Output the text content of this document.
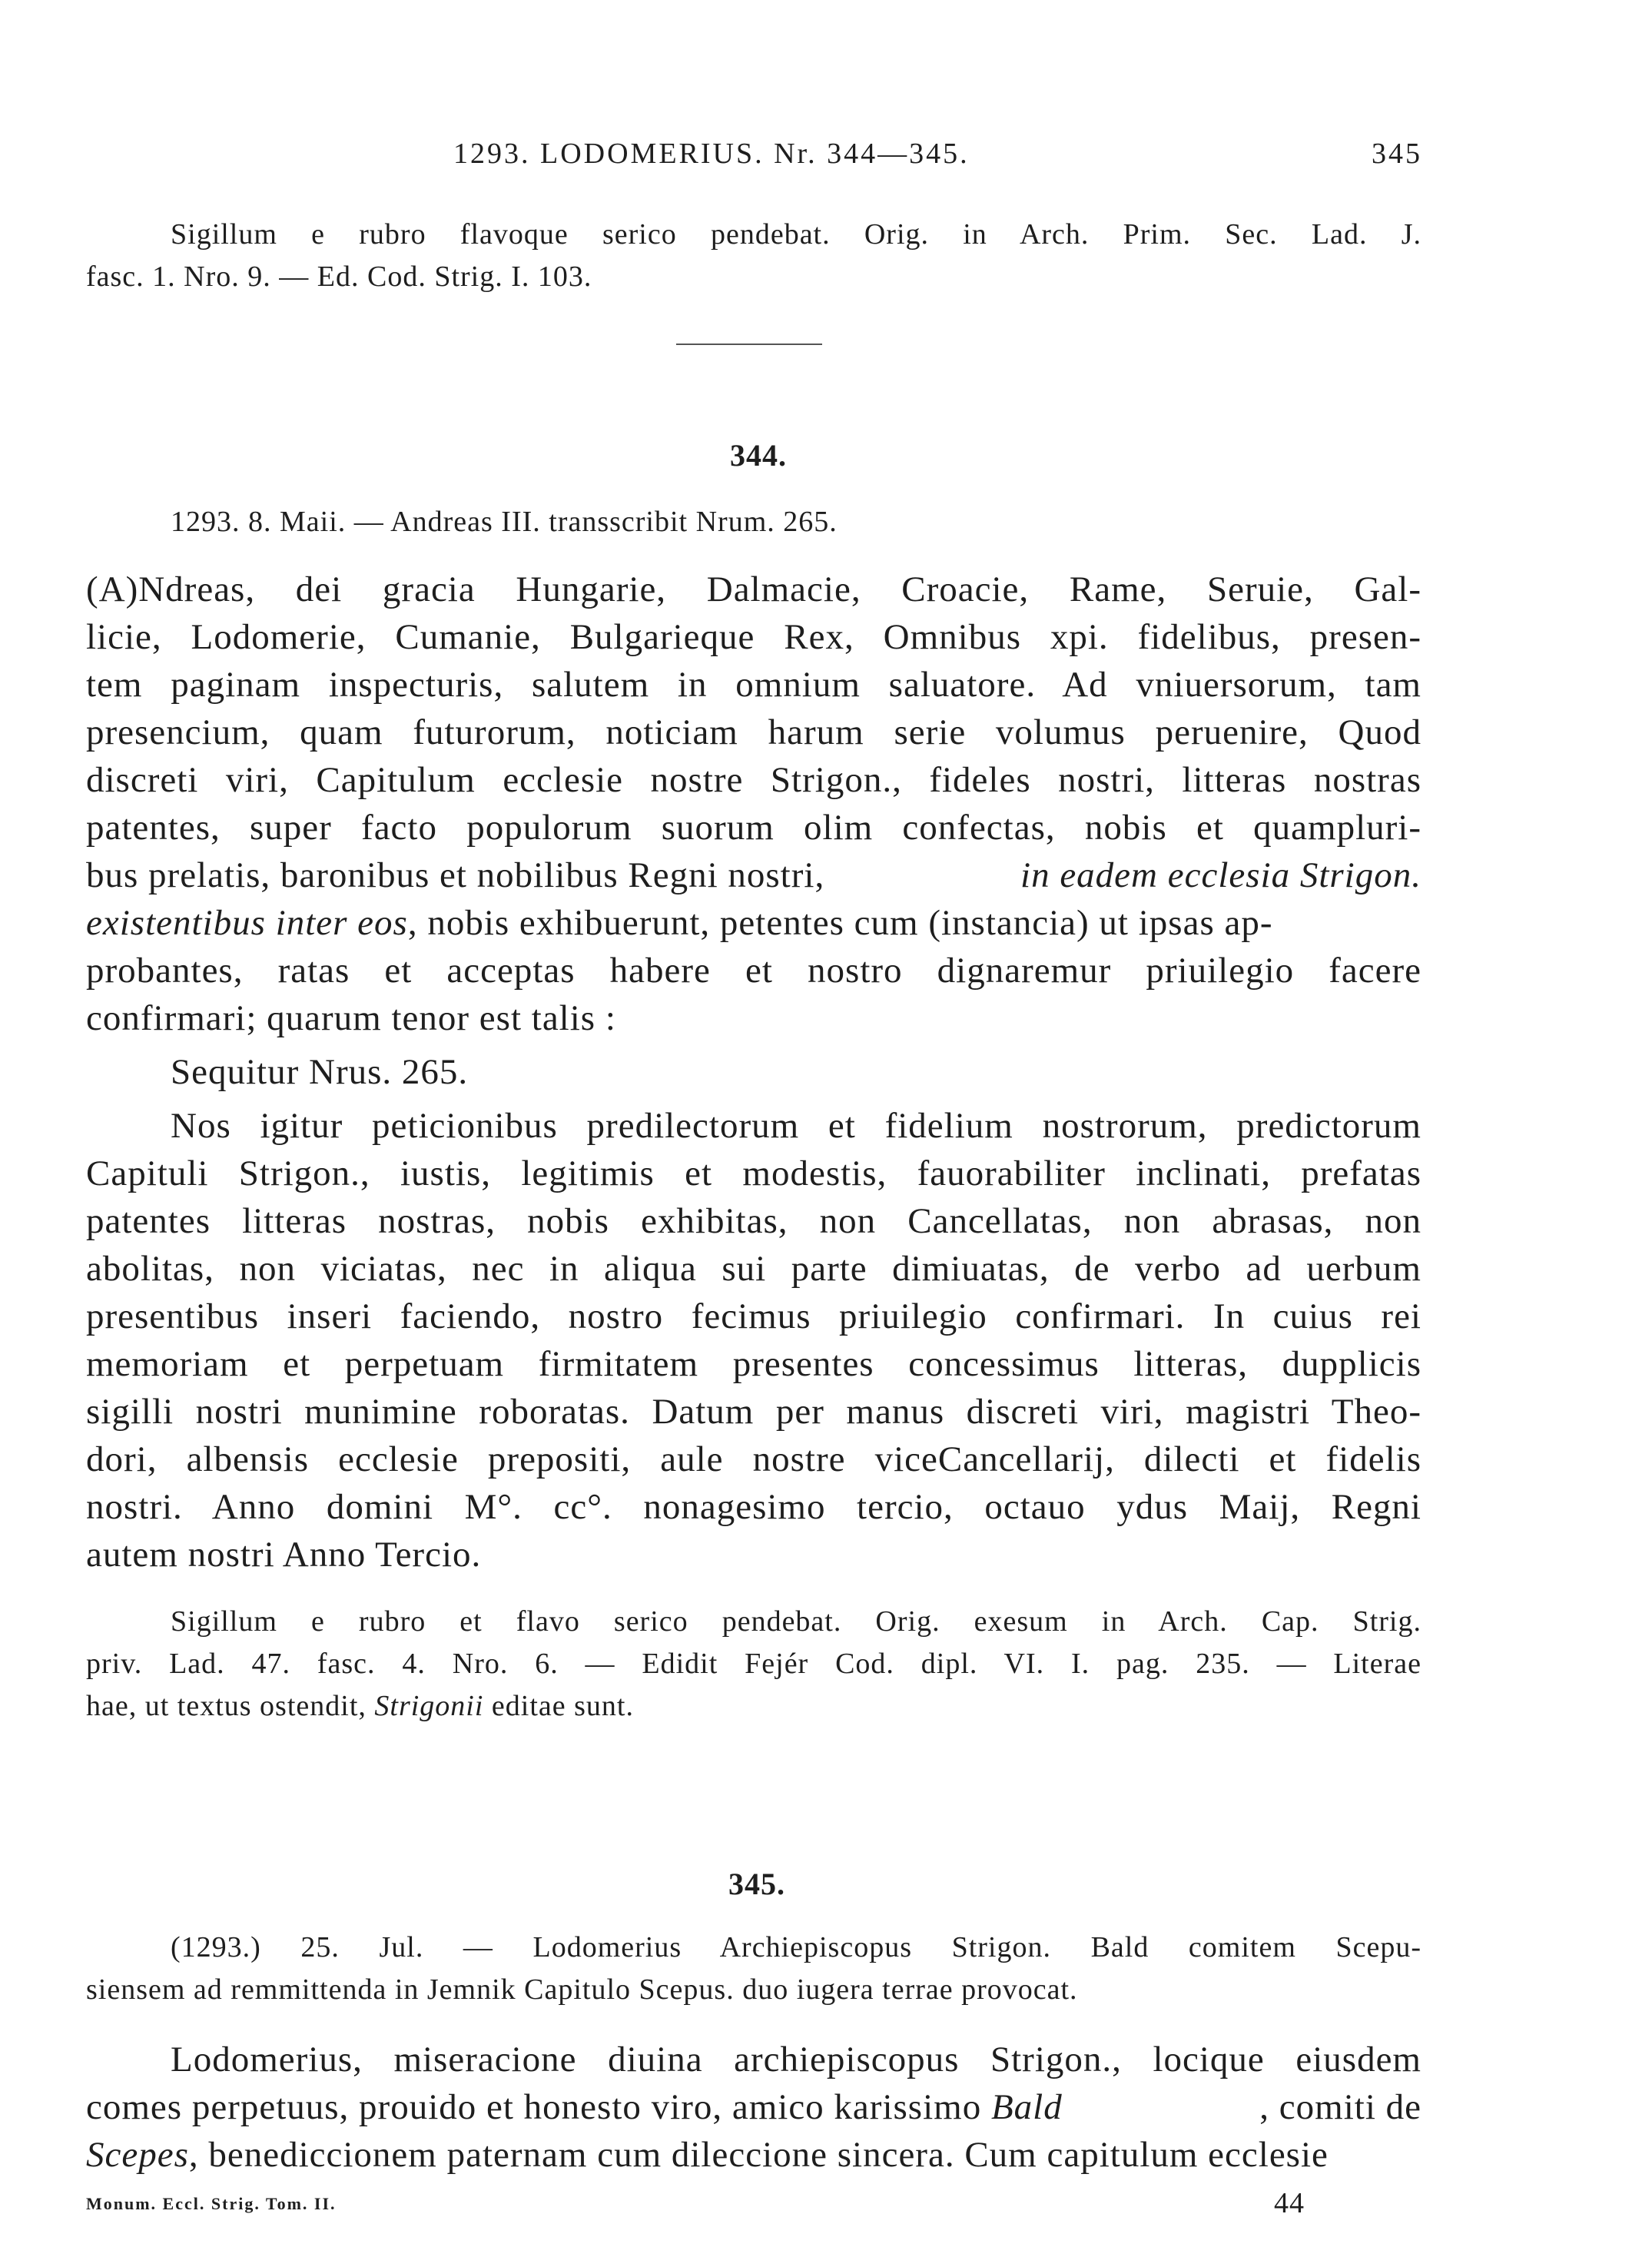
1293. LODOMERIUS. Nr. 344—345.	345
Sigillum e rubro flavoque serico pendebat. Orig. in Arch. Prim. Sec. Lad. J.
fasc. 1. Nro. 9. — Ed. Cod. Strig. I. 103.
344.
1293. 8. Maii. — Andreas III. transscribit Nrum. 265.
(A)Ndreas, dei gracia Hungarie, Dalmacie, Croacie, Rame, Seruie, Gal-
licie, Lodomerie, Cumanie, Bulgarieque Rex, Omnibus xpi. fidelibus, presen-
tem paginam inspecturis, salutem in omnium saluatore. Ad vniuersorum, tam
presencium, quam futurorum, noticiam harum serie volumus peruenire, Quod
discreti viri, Capitulum ecclesie nostre Strigon., fideles nostri, litteras nostras
patentes, super facto populorum suorum olim confectas, nobis et quampluri-
bus prelatis, baronibus et nobilibus Regni nostri,	in eadem ecclesia Strigon.
existentibus inter eos, nobis exhibuerunt, petentes cum (instancia) ut ipsas ap-
probantes, ratas et acceptas habere et nostro dignaremur priuilegio facere
confirmari; quarum tenor est talis :
Sequitur Nrus. 265.
Nos igitur peticionibus predilectorum et fidelium nostrorum, predictorum
Capituli Strigon., iustis, legitimis et modestis, fauorabiliter inclinati, prefatas
patentes litteras nostras, nobis exhibitas, non Cancellatas, non abrasas, non
abolitas, non viciatas, nec in aliqua sui parte dimiuatas, de verbo ad uerbum
presentibus inseri faciendo, nostro fecimus priuilegio confirmari. In cuius rei
memoriam et perpetuam firmitatem presentes concessimus litteras, dupplicis
sigilli nostri munimine roboratas. Datum per manus discreti viri, magistri Theo-
dori, albensis ecclesie prepositi, aule nostre viceCancellarij, dilecti et fidelis
nostri. Anno domini M°. cc°. nonagesimo tercio, octauo ydus Maij, Regni
autem nostri Anno Tercio.
Sigillum e rubro et flavo serico pendebat. Orig. exesum in Arch. Cap. Strig.
priv. Lad. 47. fasc. 4. Nro. 6. — Edidit Fejér Cod. dipl. VI. I. pag. 235. — Literae
hae, ut textus ostendit, Strigonii editae sunt.
345.
(1293.) 25. Jul. — Lodomerius Archiepiscopus Strigon. Bald comitem Scepu-
siensem ad remmittenda in Jemnik Capitulo Scepus. duo iugera terrae provocat.
Lodomerius, miseracione diuina archiepiscopus Strigon., locique eiusdem
comes perpetuus, prouido et honesto viro, amico karissimo Bald	, comiti de
Scepes, benediccionem paternam cum dileccione sincera. Cum capitulum ecclesie
Monum. Eccl. Strig. Tom. II.	44
